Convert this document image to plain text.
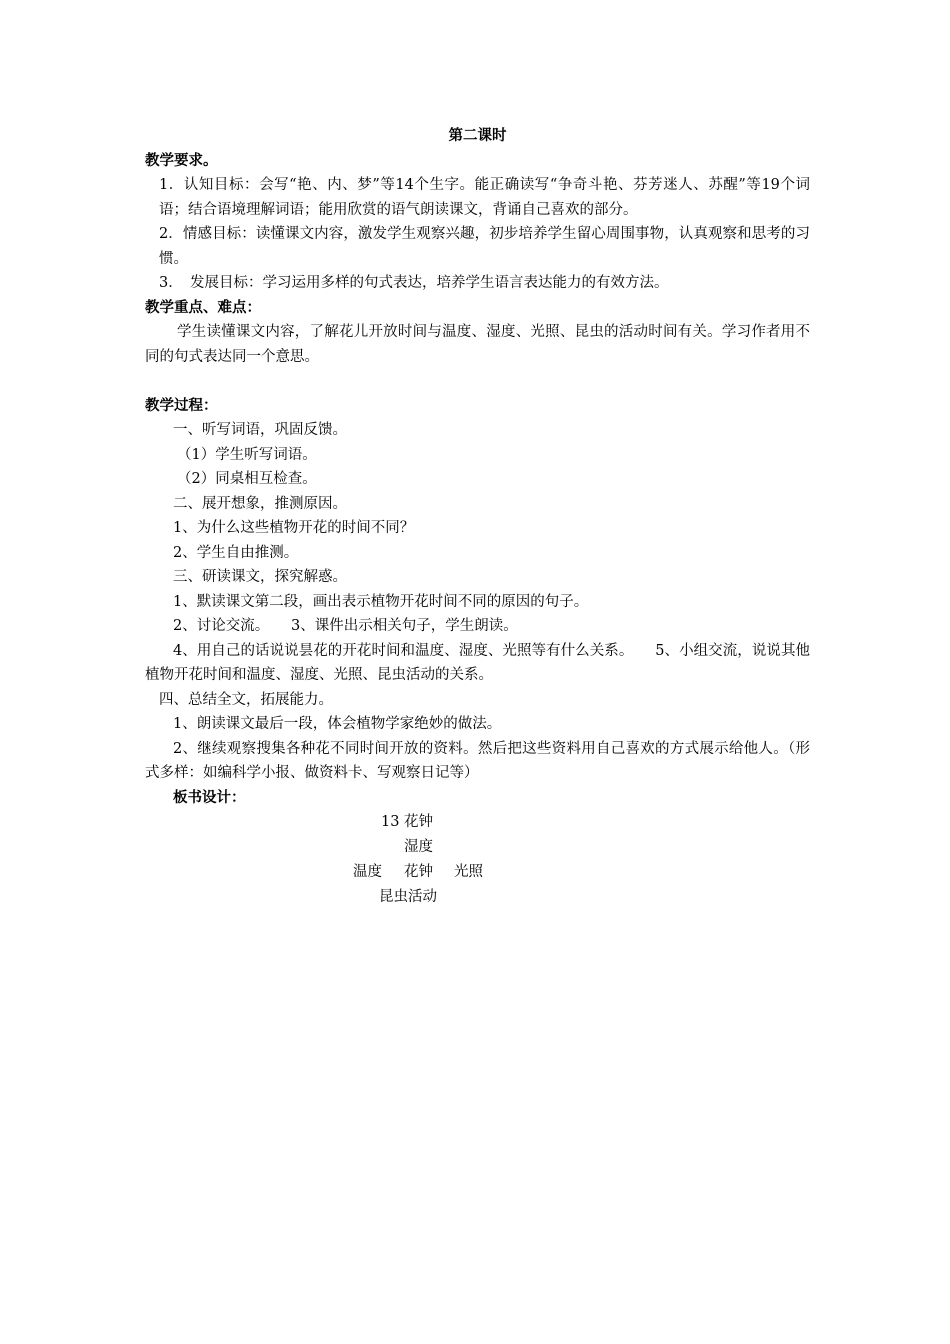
第二课时
教学要求。
1．认知目标：会写“艳、内、梦”等14个生字。能正确读写“争奇斗艳、芬芳迷人、苏醒”等19个词语；结合语境理解词语；能用欣赏的语气朗读课文，背诵自己喜欢的部分。
2．情感目标：读懂课文内容，激发学生观察兴趣，初步培养学生留心周围事物，认真观察和思考的习惯。
3．　发展目标：学习运用多样的句式表达，培养学生语言表达能力的有效方法。
教学重点、难点：
学生读懂课文内容，了解花儿开放时间与温度、湿度、光照、昆虫的活动时间有关。学习作者用不同的句式表达同一个意思。
教学过程：
一、听写词语，巩固反馈。
（1）学生听写词语。
（2）同桌相互检查。
二、展开想象，推测原因。
1、为什么这些植物开花的时间不同？
2、学生自由推测。
三、研读课文，探究解惑。
1、默读课文第二段，画出表示植物开花时间不同的原因的句子。
2、讨论交流。　　3、课件出示相关句子，学生朗读。
4、用自己的话说说昙花的开花时间和温度、湿度、光照等有什么关系。　　5、小组交流，说说其他植物开花时间和温度、湿度、光照、昆虫活动的关系。
四、总结全文，拓展能力。
1、朗读课文最后一段，体会植物学家绝妙的做法。
2、继续观察搜集各种花不同时间开放的资料。然后把这些资料用自己喜欢的方式展示给他人。（形式多样：如编科学小报、做资料卡、写观察日记等）
板书设计：
13 花钟
湿度
温度 花钟 光照
昆虫活动
